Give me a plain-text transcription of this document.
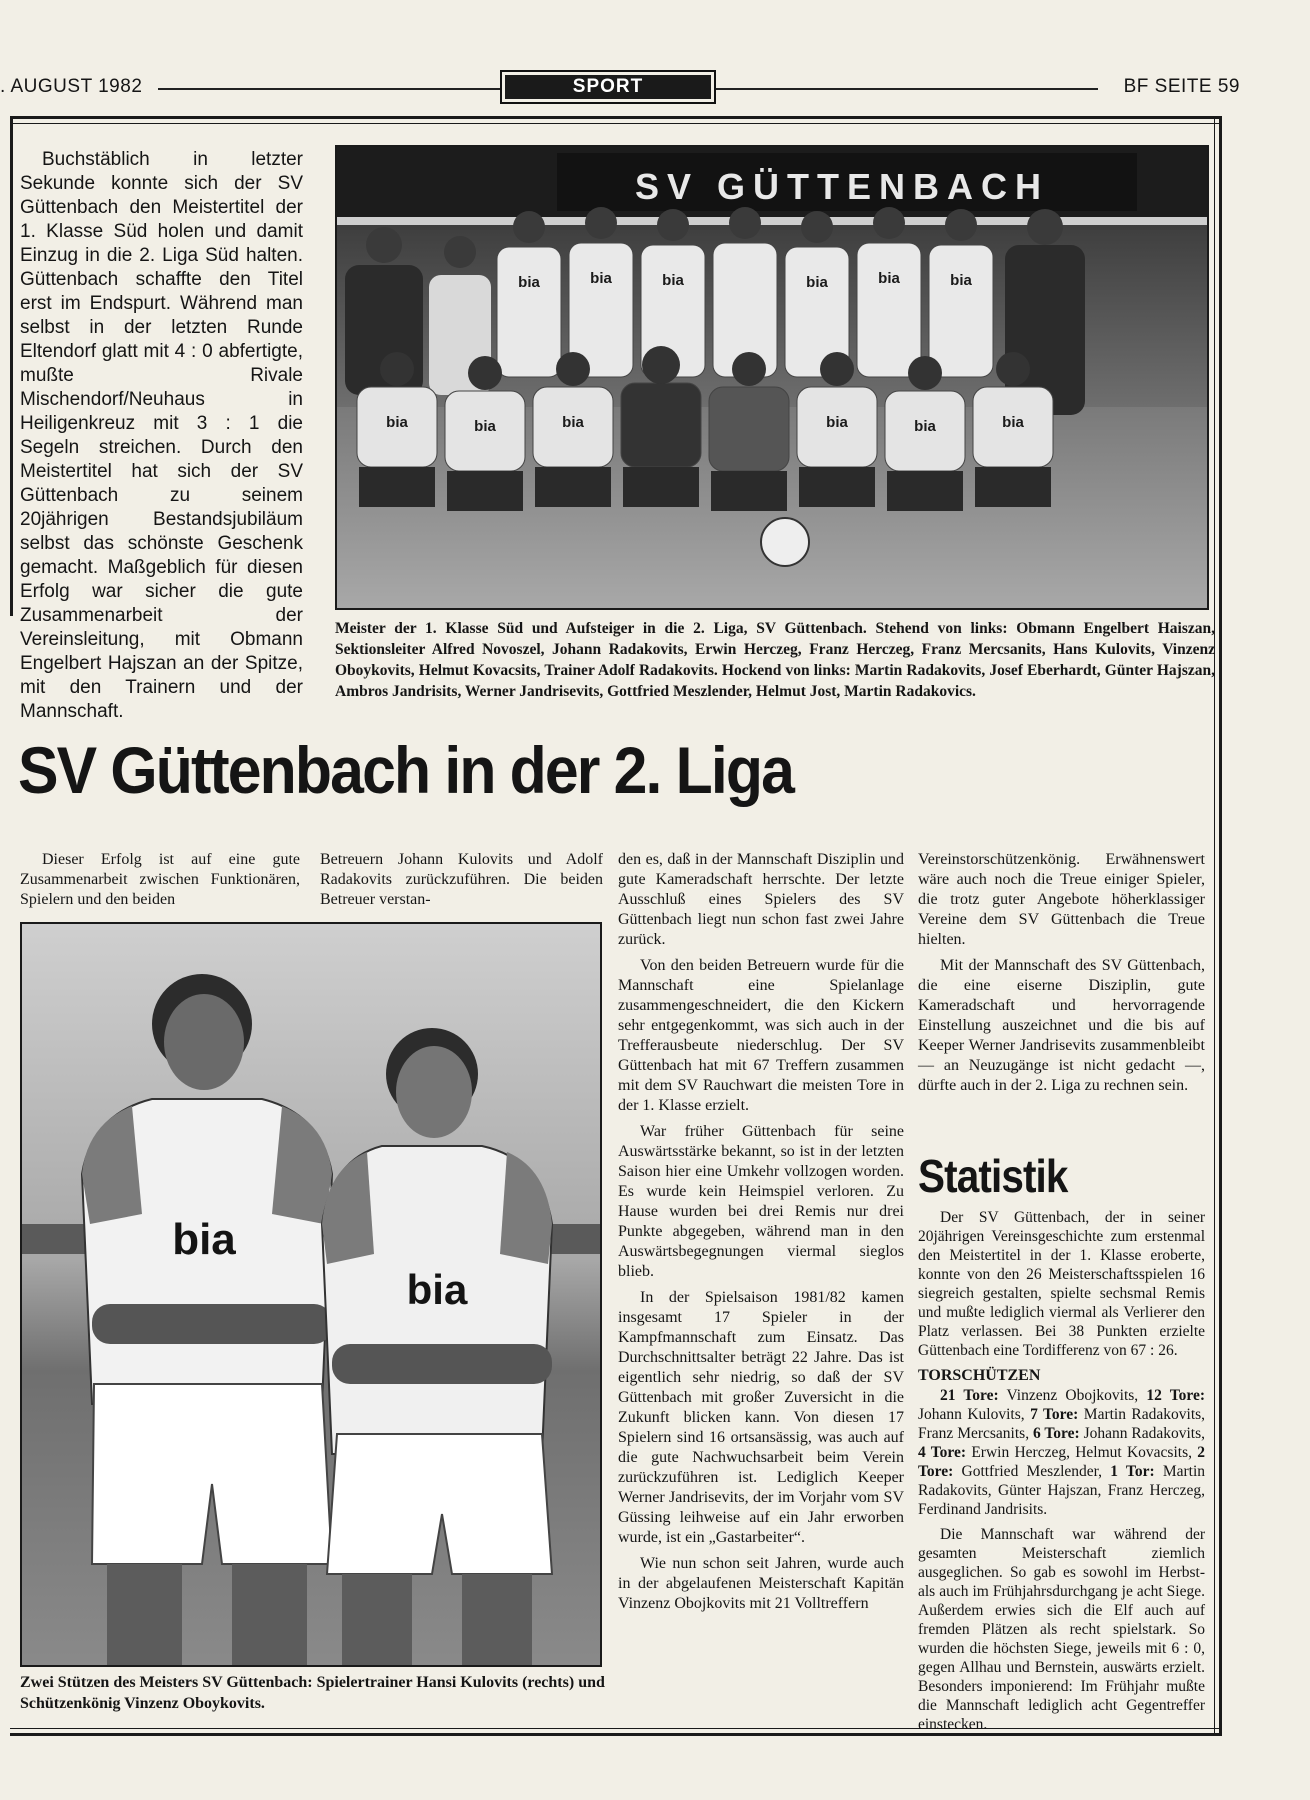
. AUGUST 1982	SPORT	BF SEITE 59

Buchstäblich in letzter Sekunde konnte sich der SV Güttenbach den Meistertitel der 1. Klasse Süd holen und damit Einzug in die 2. Liga Süd halten. Güttenbach schaffte den Titel erst im Endspurt. Während man selbst in der letzten Runde Eltendorf glatt mit 4 : 0 abfertigte, mußte Rivale Mischendorf/Neuhaus in Heiligenkreuz mit 3 : 1 die Segeln streichen. Durch den Meistertitel hat sich der SV Güttenbach zu seinem 20jährigen Bestandsjubiläum selbst das schönste Geschenk gemacht. Maßgeblich für diesen Erfolg war sicher die gute Zusammenarbeit der Vereinsleitung, mit Obmann Engelbert Hajszan an der Spitze, mit den Trainern und der Mannschaft.

SV GÜTTENBACH
bia	bia	bia	bia	bia	bia
bia	bia	bia	bia	bia	bia

Meister der 1. Klasse Süd und Aufsteiger in die 2. Liga, SV Güttenbach. Stehend von links: Obmann Engelbert Haiszan, Sektionsleiter Alfred Novoszel, Johann Radakovits, Erwin Herczeg, Franz Herczeg, Franz Mercsanits, Hans Kulovits, Vinzenz Oboykovits, Helmut Kovacsits, Trainer Adolf Radakovits. Hockend von links: Martin Radakovits, Josef Eberhardt, Günter Hajszan, Ambros Jandrisits, Werner Jandrisevits, Gottfried Meszlender, Helmut Jost, Martin Radakovics.

SV Güttenbach in der 2. Liga

Dieser Erfolg ist auf eine gute Zusammenarbeit zwischen Funktionären, Spielern und den beiden

Betreuern Johann Kulovits und Adolf Radakovits zurückzuführen. Die beiden Betreuer verstan-

den es, daß in der Mannschaft Disziplin und gute Kameradschaft herrschte. Der letzte Ausschluß eines Spielers des SV Güttenbach liegt nun schon fast zwei Jahre zurück.

Von den beiden Betreuern wurde für die Mannschaft eine Spielanlage zusammengeschneidert, die den Kickern sehr entgegenkommt, was sich auch in der Trefferausbeute niederschlug. Der SV Güttenbach hat mit 67 Treffern zusammen mit dem SV Rauchwart die meisten Tore in der 1. Klasse erzielt.

War früher Güttenbach für seine Auswärtsstärke bekannt, so ist in der letzten Saison hier eine Umkehr vollzogen worden. Es wurde kein Heimspiel verloren. Zu Hause wurden bei drei Remis nur drei Punkte abgegeben, während man in den Auswärtsbegegnungen viermal sieglos blieb.

In der Spielsaison 1981/82 kamen insgesamt 17 Spieler in der Kampfmannschaft zum Einsatz. Das Durchschnittsalter beträgt 22 Jahre. Das ist eigentlich sehr niedrig, so daß der SV Güttenbach mit großer Zuversicht in die Zukunft blicken kann. Von diesen 17 Spielern sind 16 ortsansässig, was auch auf die gute Nachwuchsarbeit beim Verein zurückzuführen ist. Lediglich Keeper Werner Jandrisevits, der im Vorjahr vom SV Güssing leihweise auf ein Jahr erworben wurde, ist ein „Gastarbeiter“.

Wie nun schon seit Jahren, wurde auch in der abgelaufenen Meisterschaft Kapitän Vinzenz Obojkovits mit 21 Volltreffern

Vereinstorschützenkönig. Erwähnenswert wäre auch noch die Treue einiger Spieler, die trotz guter Angebote höherklassiger Vereine dem SV Güttenbach die Treue hielten.

Mit der Mannschaft des SV Güttenbach, die eine eiserne Disziplin, gute Kameradschaft und hervorragende Einstellung auszeichnet und die bis auf Keeper Werner Jandrisevits zusammenbleibt — an Neuzugänge ist nicht gedacht —, dürfte auch in der 2. Liga zu rechnen sein.

Statistik

Der SV Güttenbach, der in seiner 20jährigen Vereinsgeschichte zum erstenmal den Meistertitel in der 1. Klasse eroberte, konnte von den 26 Meisterschaftsspielen 16 siegreich gestalten, spielte sechsmal Remis und mußte lediglich viermal als Verlierer den Platz verlassen. Bei 38 Punkten erzielte Güttenbach eine Tordifferenz von 67 : 26.

TORSCHÜTZEN

21 Tore: Vinzenz Obojkovits, 12 Tore: Johann Kulovits, 7 Tore: Martin Radakovits, Franz Mercsanits, 6 Tore: Johann Radakovits, 4 Tore: Erwin Herczeg, Helmut Kovacsits, 2 Tore: Gottfried Meszlender, 1 Tor: Martin Radakovits, Günter Hajszan, Franz Herczeg, Ferdinand Jandrisits.

Die Mannschaft war während der gesamten Meisterschaft ziemlich ausgeglichen. So gab es sowohl im Herbst- als auch im Frühjahrsdurchgang je acht Siege. Außerdem erwies sich die Elf auch auf fremden Plätzen als recht spielstark. So wurden die höchsten Siege, jeweils mit 6 : 0, gegen Allhau und Bernstein, auswärts erzielt. Besonders imponierend: Im Frühjahr mußte die Mannschaft lediglich acht Gegentreffer einstecken.

bia
bia

Zwei Stützen des Meisters SV Güttenbach: Spielertrainer Hansi Kulovits (rechts) und Schützenkönig Vinzenz Oboykovits.
